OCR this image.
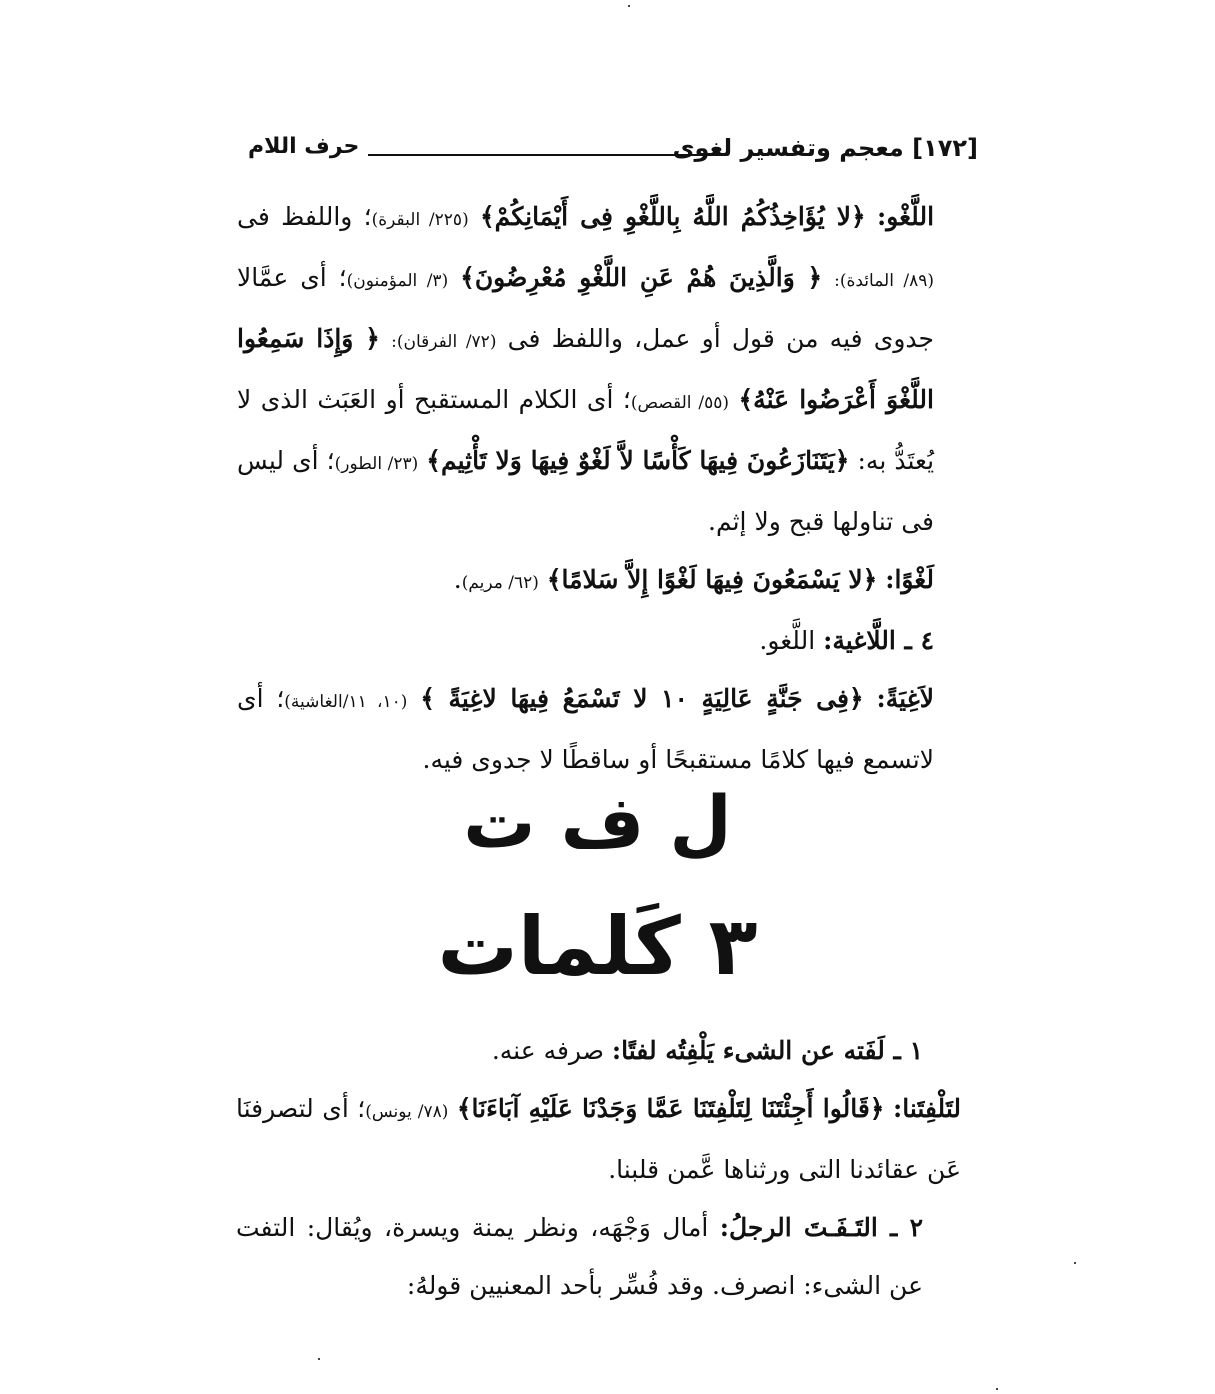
[١٧٢] معجم وتفسير لغوى
حرف اللام

اللَّغْو: ﴿لا يُؤَاخِذُكُمُ اللَّهُ بِاللَّغْوِ فِى أَيْمَانِكُمْ﴾ (٢٢٥/ البقرة)؛ واللفظ فى (٨٩/ المائدة): ﴿ وَالَّذِينَ هُمْ عَنِ اللَّغْوِ مُعْرِضُونَ﴾ (٣/ المؤمنون)؛ أى عمَّالا جدوى فيه من قول أو عمل، واللفظ فى (٧٢/ الفرقان): ﴿ وَإِذَا سَمِعُوا اللَّغْوَ أَعْرَضُوا عَنْهُ﴾ (٥٥/ القصص)؛ أى الكلام المستقبح أو العَبَث الذى لا يُعتَدُّ به: ﴿يَتَنَازَعُونَ فِيهَا كَأْسًا لاَّ لَغْوٌ فِيهَا وَلا تَأْثِيم﴾ (٢٣/ الطور)؛ أى ليس فى تناولها قبح ولا إثم.

لَغْوًا: ﴿لا يَسْمَعُونَ فِيهَا لَغْوًا إِلاَّ سَلامًا﴾ (٦٢/ مريم).

٤ ـ اللَّاغية: اللَّغو.

لاَغِيَةً: ﴿فِى جَنَّةٍ عَالِيَةٍ ١٠ لا تَسْمَعُ فِيهَا لاغِيَةً ﴾ (١٠، ١١/الغاشية)؛ أى لاتسمع فيها كلامًا مستقبحًا أو ساقطًا لا جدوى فيه.

ل ف ت
٣ كَلمات

١ ـ لَفَته عن الشىء يَلْفِتُه لفتًا: صرفه عنه.

لتَلْفِتَنا: ﴿قَالُوا أَجِئْتَنَا لِتَلْفِتَنَا عَمَّا وَجَدْنَا عَلَيْهِ آبَاءَنَا﴾ (٧٨/ يونس)؛ أى لتصرفنَا عَن عقائدنا التى ورثناها عَّمن قلبنا.

٢ ـ التَـفَـتَ الرجلُ: أمال وَجْهَه، ونظر يمنة ويسرة، ويُقال: التفت عن الشىء: انصرف. وقد فُسِّر بأحد المعنيين قولهُ:
